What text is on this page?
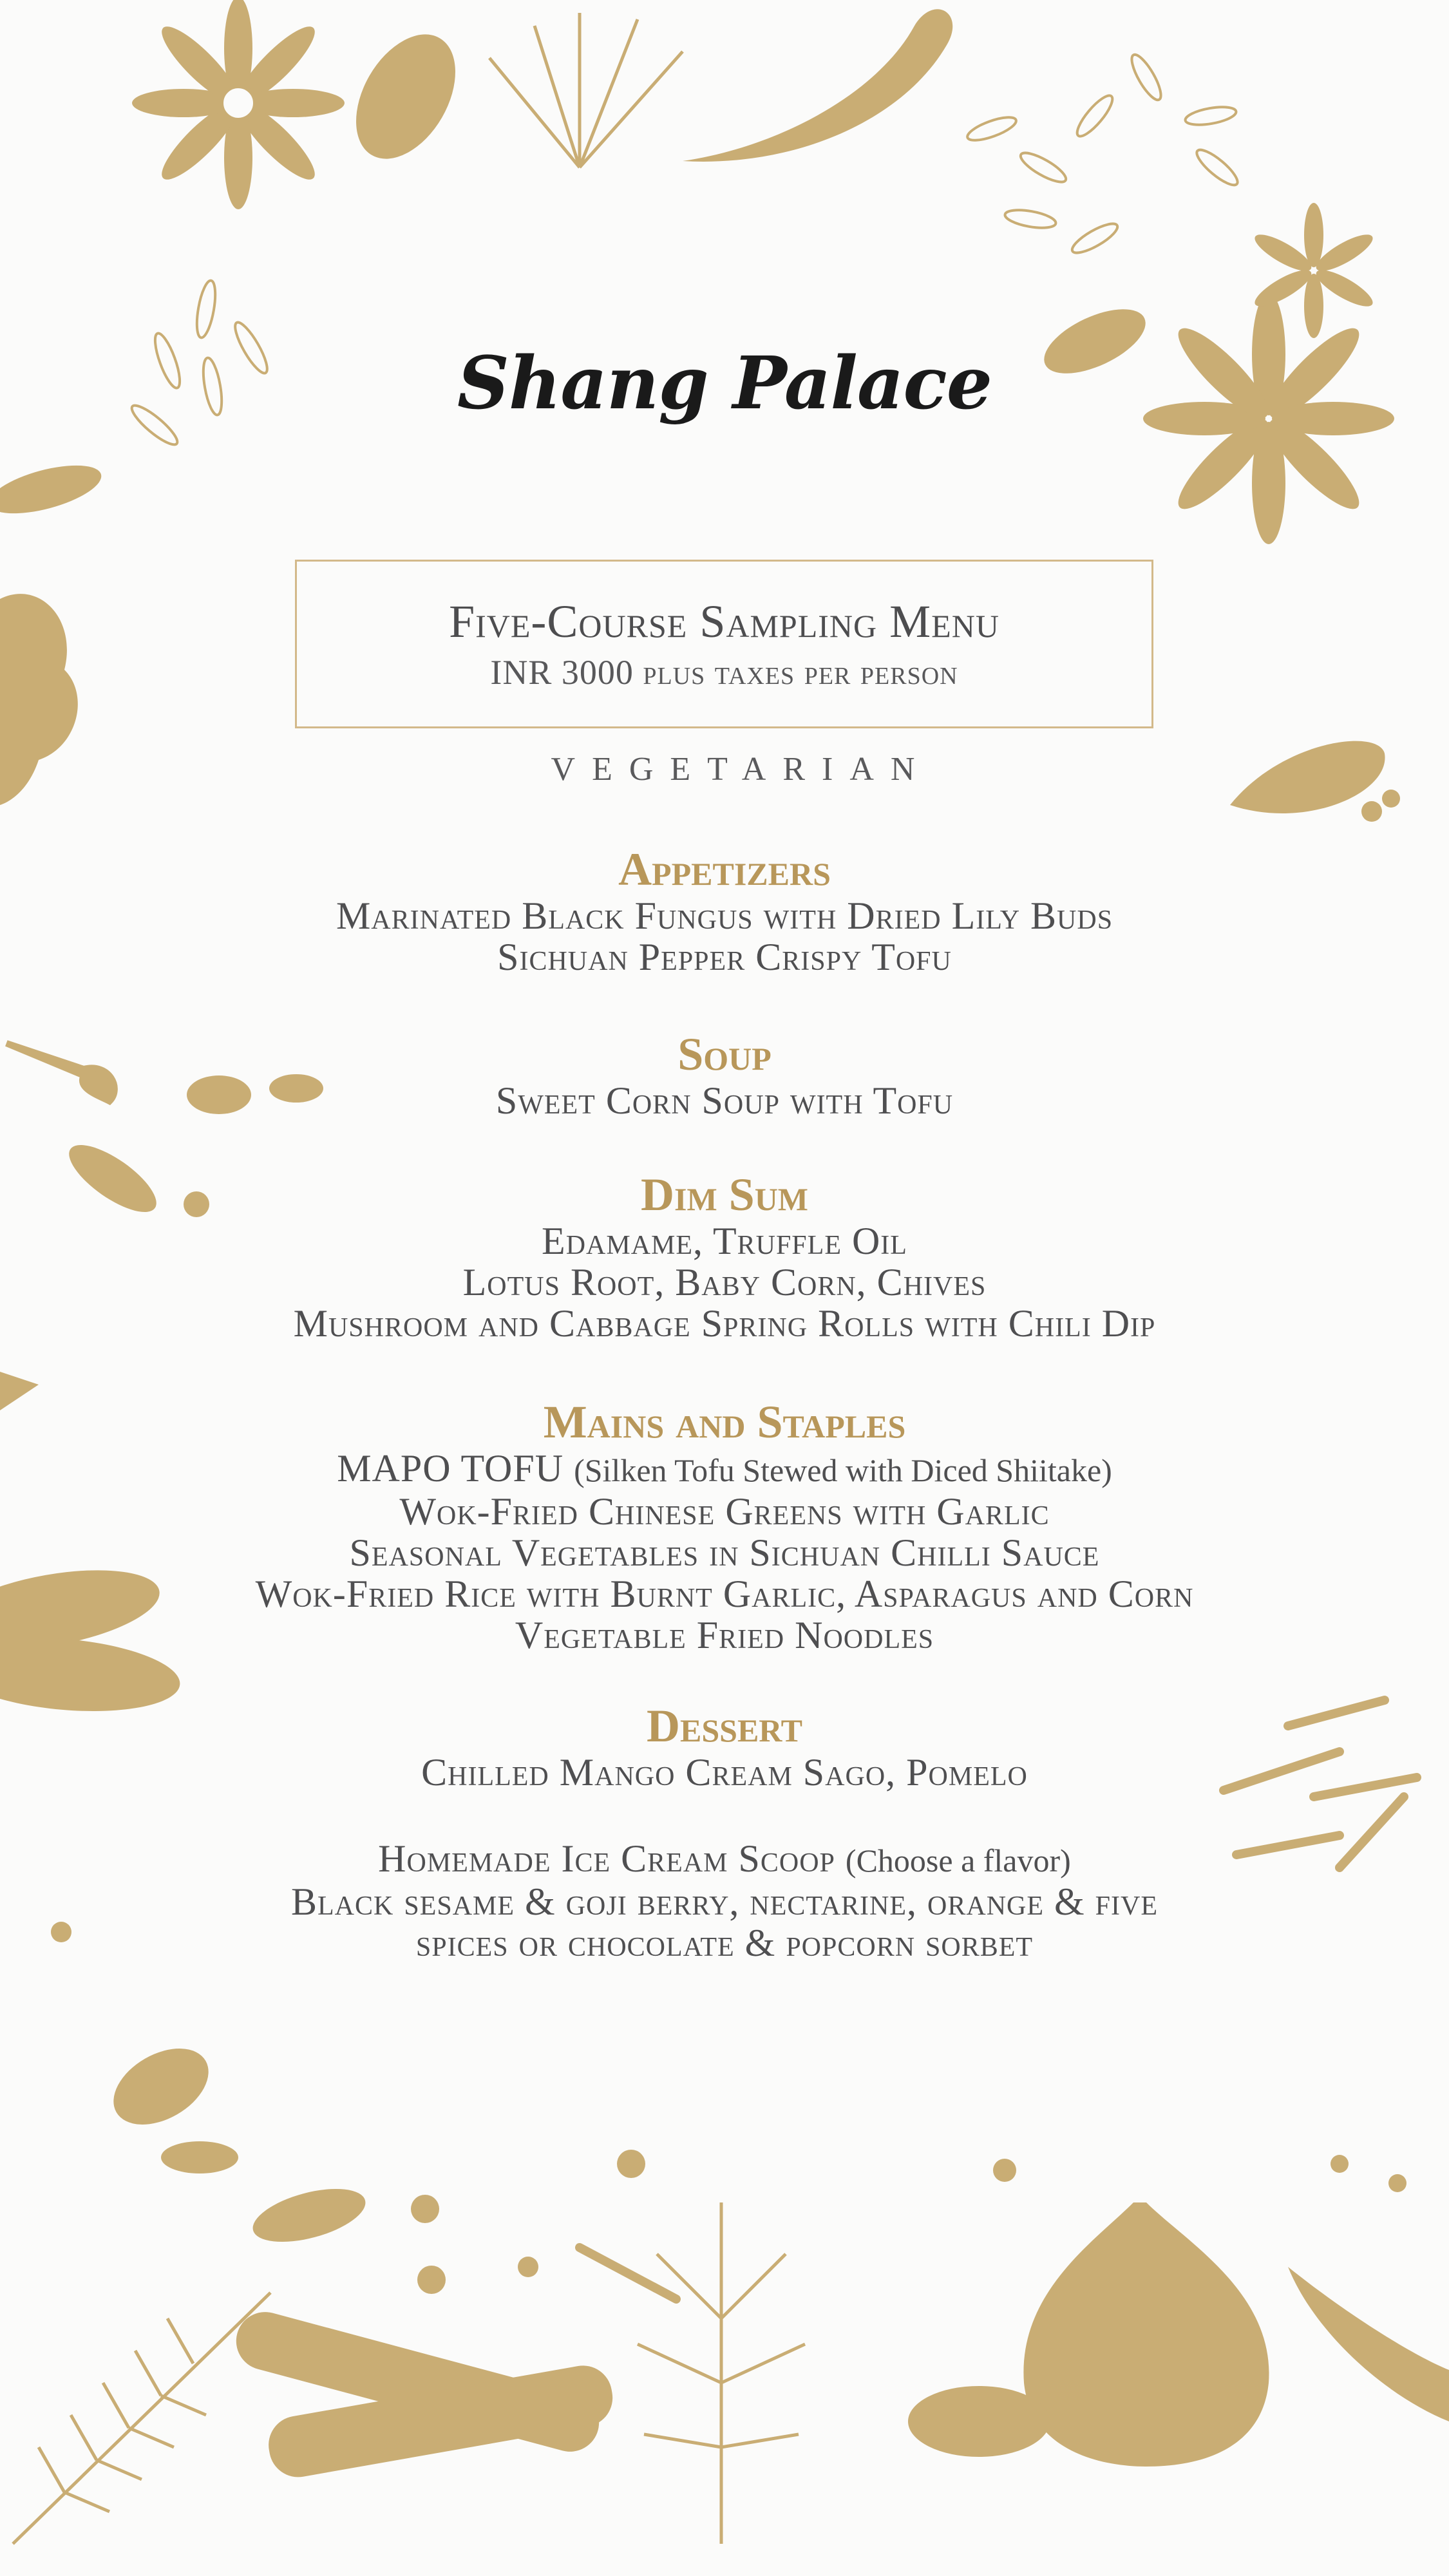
Shang Palace
Five-Course Sampling Menu
INR 3000 plus taxes per person
VEGETARIAN
Appetizers
Marinated Black Fungus with Dried Lily Buds
Sichuan Pepper Crispy Tofu
Soup
Sweet Corn Soup with Tofu
Dim Sum
Edamame, Truffle Oil
Lotus Root, Baby Corn, Chives
Mushroom and Cabbage Spring Rolls with Chili Dip
Mains and Staples
MAPO TOFU (Silken Tofu Stewed with Diced Shiitake)
Wok-Fried Chinese Greens with Garlic
Seasonal Vegetables in Sichuan Chilli Sauce
Wok-Fried Rice with Burnt Garlic, Asparagus and Corn
Vegetable Fried Noodles
Dessert
Chilled Mango Cream Sago, Pomelo
Homemade Ice Cream Scoop (Choose a flavor)
Black sesame & goji berry, nectarine, orange & five
spices or chocolate & popcorn sorbet
